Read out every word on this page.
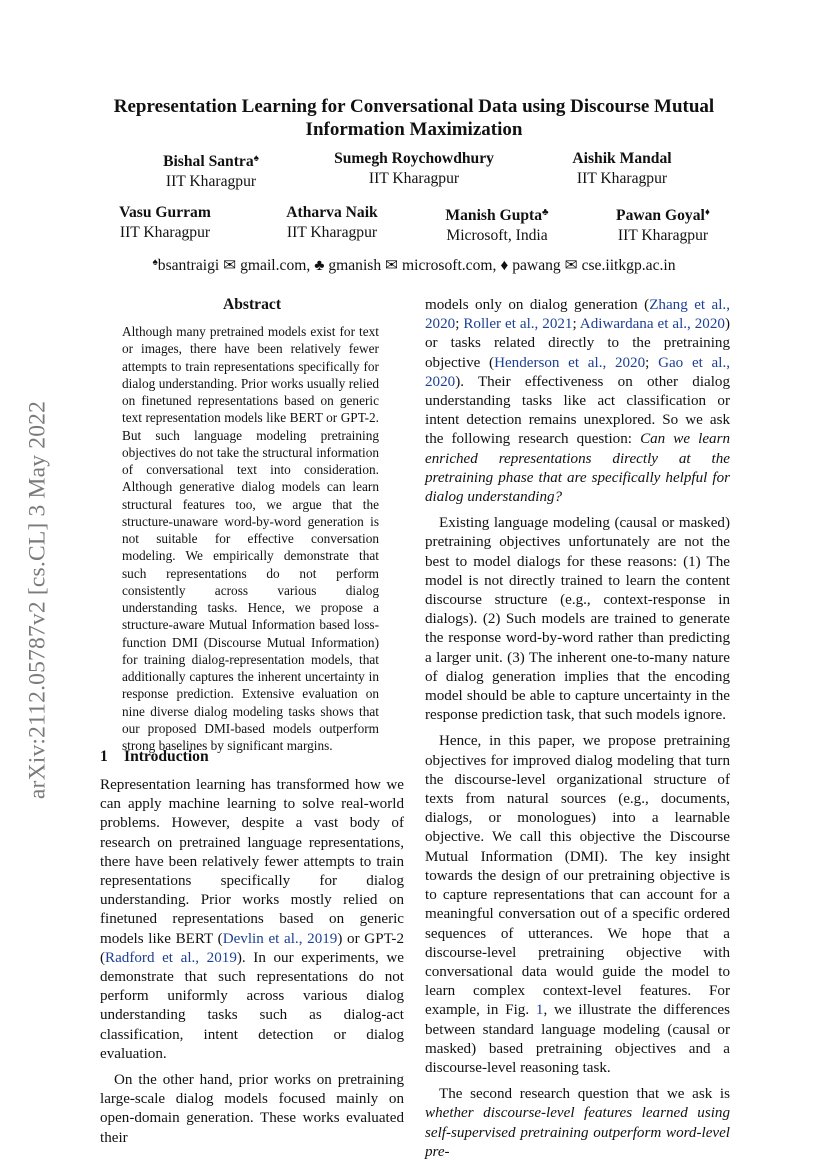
arXiv:2112.05787v2 [cs.CL] 3 May 2022
Representation Learning for Conversational Data using Discourse Mutual
Information Maximization
Bishal Santra♠
IIT Kharagpur
Sumegh Roychowdhury
IIT Kharagpur
Aishik Mandal
IIT Kharagpur
Vasu Gurram
IIT Kharagpur
Atharva Naik
IIT Kharagpur
Manish Gupta♣
Microsoft, India
Pawan Goyal♦
IIT Kharagpur
♠bsantraigi ✉ gmail.com, ♣ gmanish ✉ microsoft.com, ♦ pawang ✉ cse.iitkgp.ac.in
Abstract
Although many pretrained models exist for text or images, there have been relatively fewer attempts to train representations specifically for dialog understanding. Prior works usually relied on finetuned representations based on generic text representation models like BERT or GPT-2. But such language modeling pretraining objectives do not take the structural information of conversational text into consideration. Although generative dialog models can learn structural features too, we argue that the structure-unaware word-by-word generation is not suitable for effective conversation modeling. We empirically demonstrate that such representations do not perform consistently across various dialog understanding tasks. Hence, we propose a structure-aware Mutual Information based loss-function DMI (Discourse Mutual Information) for training dialog-representation models, that additionally captures the inherent uncertainty in response prediction. Extensive evaluation on nine diverse dialog modeling tasks shows that our proposed DMI-based models outperform strong baselines by significant margins.
1 Introduction

Representation learning has transformed how we can apply machine learning to solve real-world problems. However, despite a vast body of research on pretrained language representations, there have been relatively fewer attempts to train representations specifically for dialog understanding. Prior works mostly relied on finetuned representations based on generic models like BERT (Devlin et al., 2019) or GPT-2 (Radford et al., 2019). In our experiments, we demonstrate that such representations do not perform uniformly across various dialog understanding tasks such as dialog-act classification, intent detection or dialog evaluation.

On the other hand, prior works on pretraining large-scale dialog models focused mainly on open-domain generation. These works evaluated their

models only on dialog generation (Zhang et al., 2020; Roller et al., 2021; Adiwardana et al., 2020) or tasks related directly to the pretraining objective (Henderson et al., 2020; Gao et al., 2020). Their effectiveness on other dialog understanding tasks like act classification or intent detection remains unexplored. So we ask the following research question: Can we learn enriched representations directly at the pretraining phase that are specifically helpful for dialog understanding?

Existing language modeling (causal or masked) pretraining objectives unfortunately are not the best to model dialogs for these reasons: (1) The model is not directly trained to learn the content discourse structure (e.g., context-response in dialogs). (2) Such models are trained to generate the response word-by-word rather than predicting a larger unit. (3) The inherent one-to-many nature of dialog generation implies that the encoding model should be able to capture uncertainty in the response prediction task, that such models ignore.

Hence, in this paper, we propose pretraining objectives for improved dialog modeling that turn the discourse-level organizational structure of texts from natural sources (e.g., documents, dialogs, or monologues) into a learnable objective. We call this objective the Discourse Mutual Information (DMI). The key insight towards the design of our pretraining objective is to capture representations that can account for a meaningful conversation out of a specific ordered sequences of utterances. We hope that a discourse-level pretraining objective with conversational data would guide the model to learn complex context-level features. For example, in Fig. 1, we illustrate the differences between standard language modeling (causal or masked) based pretraining objectives and a discourse-level reasoning task.

The second research question that we ask is whether discourse-level features learned using self-supervised pretraining outperform word-level pre-
